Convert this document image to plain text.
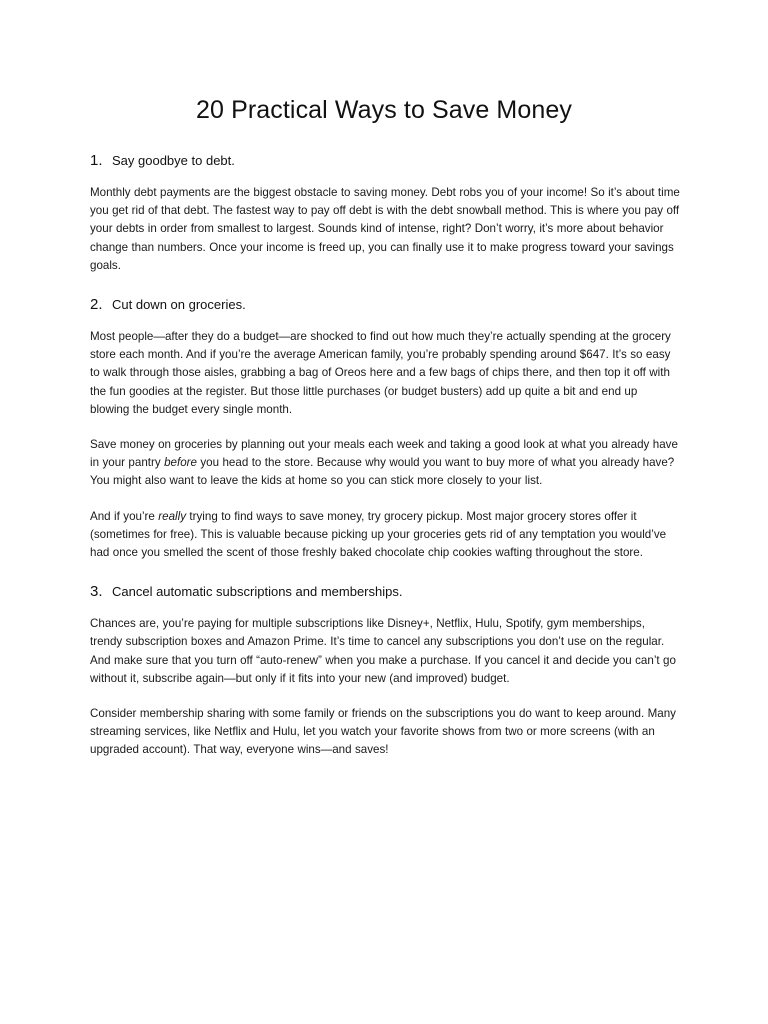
20 Practical Ways to Save Money
1. Say goodbye to debt.

Monthly debt payments are the biggest obstacle to saving money. Debt robs you of your income! So it’s about time you get rid of that debt. The fastest way to pay off debt is with the debt snowball method. This is where you pay off your debts in order from smallest to largest. Sounds kind of intense, right? Don’t worry, it’s more about behavior change than numbers. Once your income is freed up, you can finally use it to make progress toward your savings goals.

2. Cut down on groceries.

Most people—after they do a budget—are shocked to find out how much they’re actually spending at the grocery store each month. And if you’re the average American family, you’re probably spending around $647. It’s so easy to walk through those aisles, grabbing a bag of Oreos here and a few bags of chips there, and then top it off with the fun goodies at the register. But those little purchases (or budget busters) add up quite a bit and end up blowing the budget every single month.

Save money on groceries by planning out your meals each week and taking a good look at what you already have in your pantry before you head to the store. Because why would you want to buy more of what you already have? You might also want to leave the kids at home so you can stick more closely to your list.

And if you’re really trying to find ways to save money, try grocery pickup. Most major grocery stores offer it (sometimes for free). This is valuable because picking up your groceries gets rid of any temptation you would’ve had once you smelled the scent of those freshly baked chocolate chip cookies wafting throughout the store.

3. Cancel automatic subscriptions and memberships.

Chances are, you’re paying for multiple subscriptions like Disney+, Netflix, Hulu, Spotify, gym memberships, trendy subscription boxes and Amazon Prime. It’s time to cancel any subscriptions you don’t use on the regular. And make sure that you turn off “auto-renew” when you make a purchase. If you cancel it and decide you can’t go without it, subscribe again—but only if it fits into your new (and improved) budget.

Consider membership sharing with some family or friends on the subscriptions you do want to keep around. Many streaming services, like Netflix and Hulu, let you watch your favorite shows from two or more screens (with an upgraded account). That way, everyone wins—and saves!
